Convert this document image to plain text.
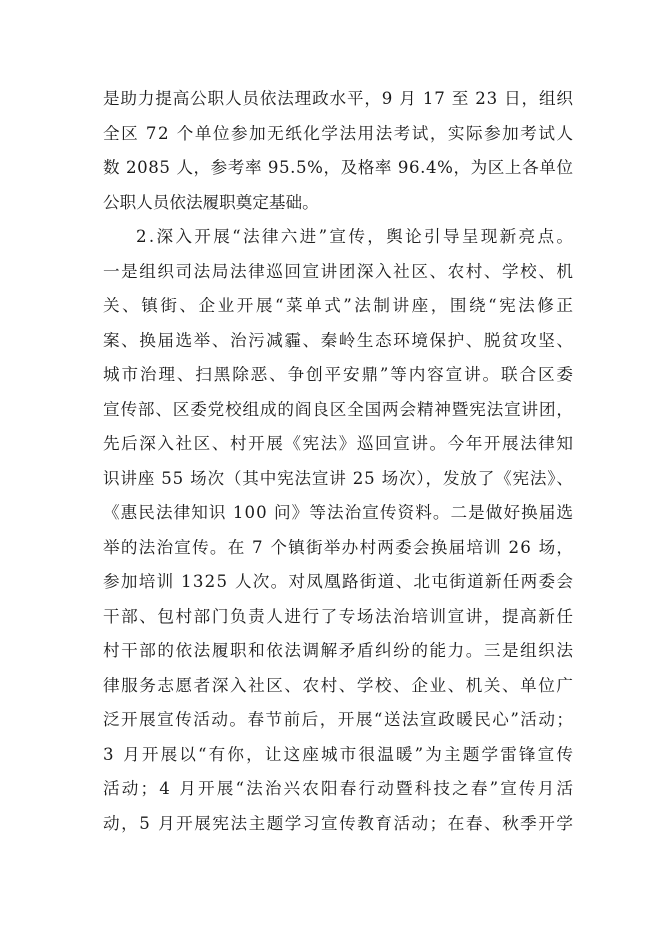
是助力提高公职人员依法理政水平，9 月 17 至 23 日，组织
全区 72 个单位参加无纸化学法用法考试，实际参加考试人
数 2085 人，参考率 95.5%，及格率 96.4%，为区上各单位
公职人员依法履职奠定基础。
2.深入开展“法律六进”宣传，舆论引导呈现新亮点。
一是组织司法局法律巡回宣讲团深入社区、农村、学校、机
关、镇街、企业开展“菜单式”法制讲座，围绕“宪法修正
案、换届选举、治污减霾、秦岭生态环境保护、脱贫攻坚、
城市治理、扫黑除恶、争创平安鼎”等内容宣讲。联合区委
宣传部、区委党校组成的阎良区全国两会精神暨宪法宣讲团，
先后深入社区、村开展《宪法》巡回宣讲。今年开展法律知
识讲座 55 场次（其中宪法宣讲 25 场次），发放了《宪法》、
《惠民法律知识 100 问》等法治宣传资料。二是做好换届选
举的法治宣传。在 7 个镇街举办村两委会换届培训 26 场，
参加培训 1325 人次。对凤凰路街道、北屯街道新任两委会
干部、包村部门负责人进行了专场法治培训宣讲，提高新任
村干部的依法履职和依法调解矛盾纠纷的能力。三是组织法
律服务志愿者深入社区、农村、学校、企业、机关、单位广
泛开展宣传活动。春节前后，开展“送法宣政暖民心”活动；
3 月开展以“有你，让这座城市很温暖”为主题学雷锋宣传
活动；4 月开展“法治兴农阳春行动暨科技之春”宣传月活
动，5 月开展宪法主题学习宣传教育活动；在春、秋季开学
